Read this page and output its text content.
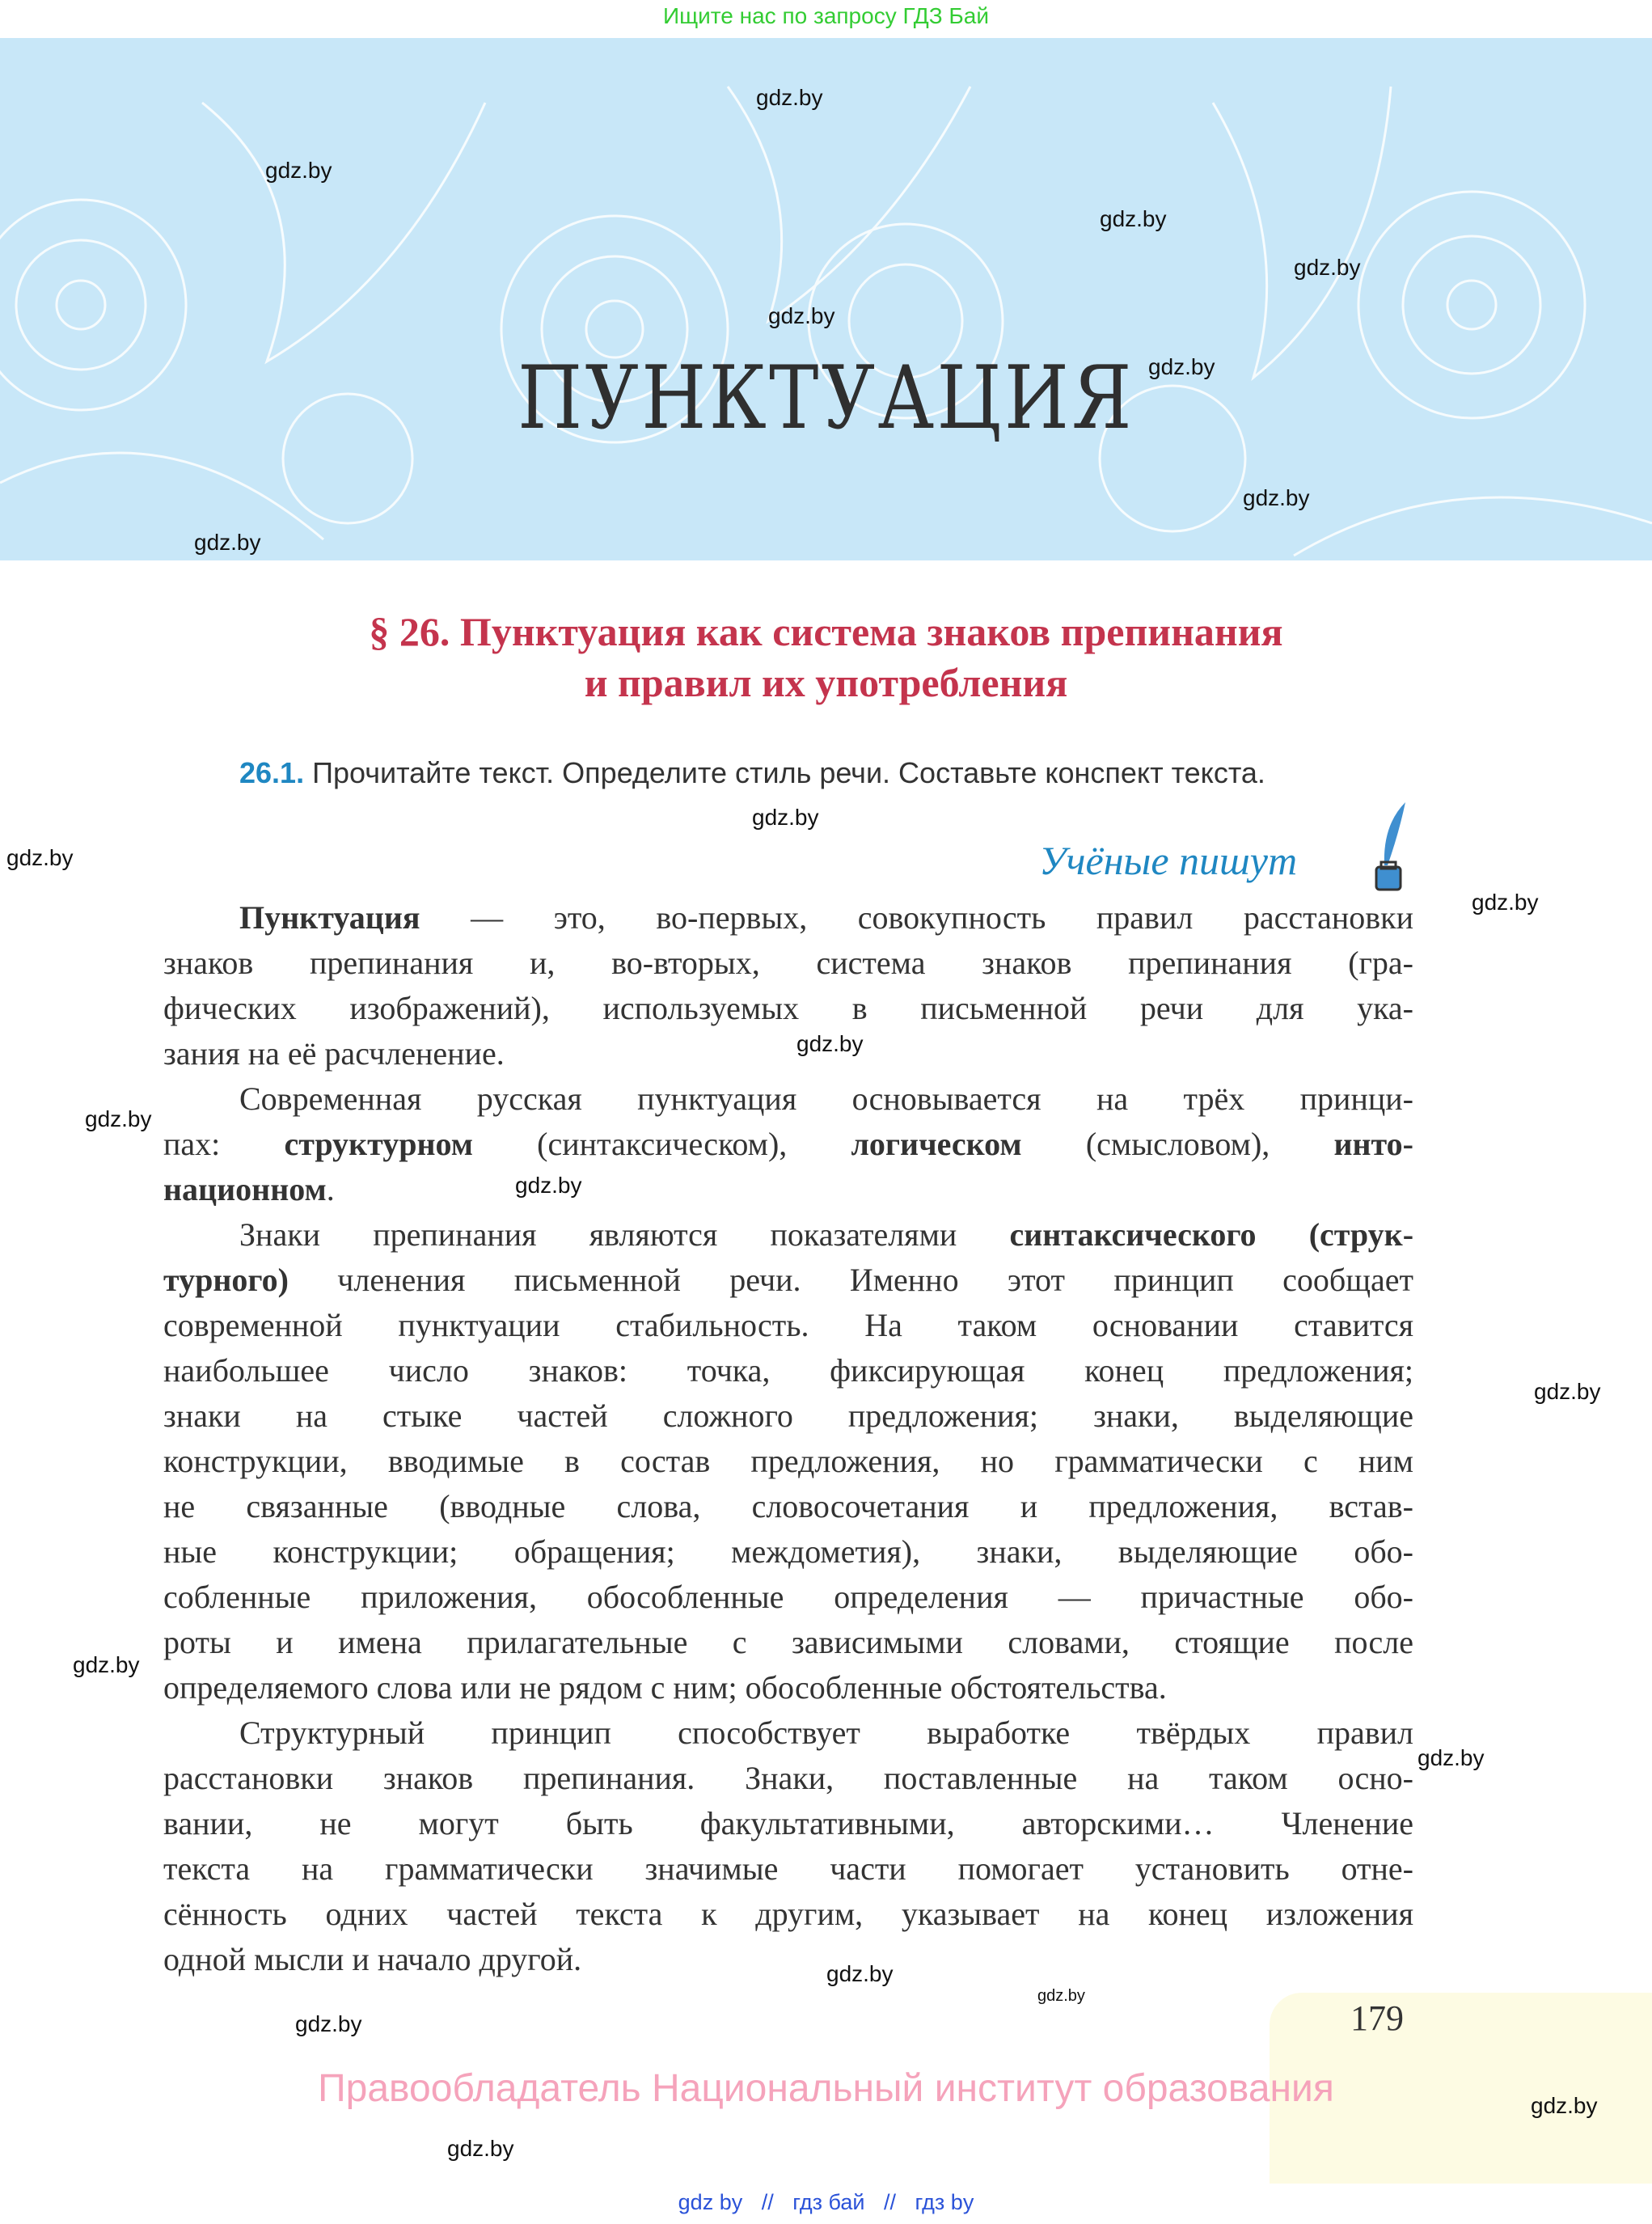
Ищите нас по запросу ГДЗ Бай
ПУНКТУАЦИЯ
§ 26. Пунктуация как система знаков препинания
и правил их употребления
26.1. Прочитайте текст. Определите стиль речи. Составьте конспект текста.
Учёные пишут
Пунктуация — это, во-первых, совокупность правил расстановки
знаков препинания и, во-вторых, система знаков препинания (гра-
фических изображений), используемых в письменной речи для ука-
зания на её расчленение.
Современная русская пунктуация основывается на трёх принци-
пах: структурном (синтаксическом), логическом (смысловом), инто-
национном.
Знаки препинания являются показателями синтаксического (струк-
турного) членения письменной речи. Именно этот принцип сообщает
современной пунктуации стабильность. На таком основании ставится
наибольшее число знаков: точка, фиксирующая конец предложения;
знаки на стыке частей сложного предложения; знаки, выделяющие
конструкции, вводимые в состав предложения, но грамматически с ним
не связанные (вводные слова, словосочетания и предложения, встав-
ные конструкции; обращения; междометия), знаки, выделяющие обо-
собленные приложения, обособленные определения — причастные обо-
роты и имена прилагательные с зависимыми словами, стоящие после
определяемого слова или не рядом с ним; обособленные обстоятельства.
Структурный принцип способствует выработке твёрдых правил
расстановки знаков препинания. Знаки, поставленные на таком осно-
вании, не могут быть факультативными, авторскими… Членение
текста на грамматически значимые части помогает установить отне-
сённость одних частей текста к другим, указывает на конец изложения
одной мысли и начало другой.
179
Правообладатель Национальный институт образования
gdz by // гдз бай // гдз by
gdz.by
gdz.by
gdz.by
gdz.by
gdz.by
gdz.by
gdz.by
gdz.by
gdz.by
gdz.by
gdz.by
gdz.by
gdz.by
gdz.by
gdz.by
gdz.by
gdz.by
gdz.by
gdz.by
gdz.by
gdz.by
gdz.by
